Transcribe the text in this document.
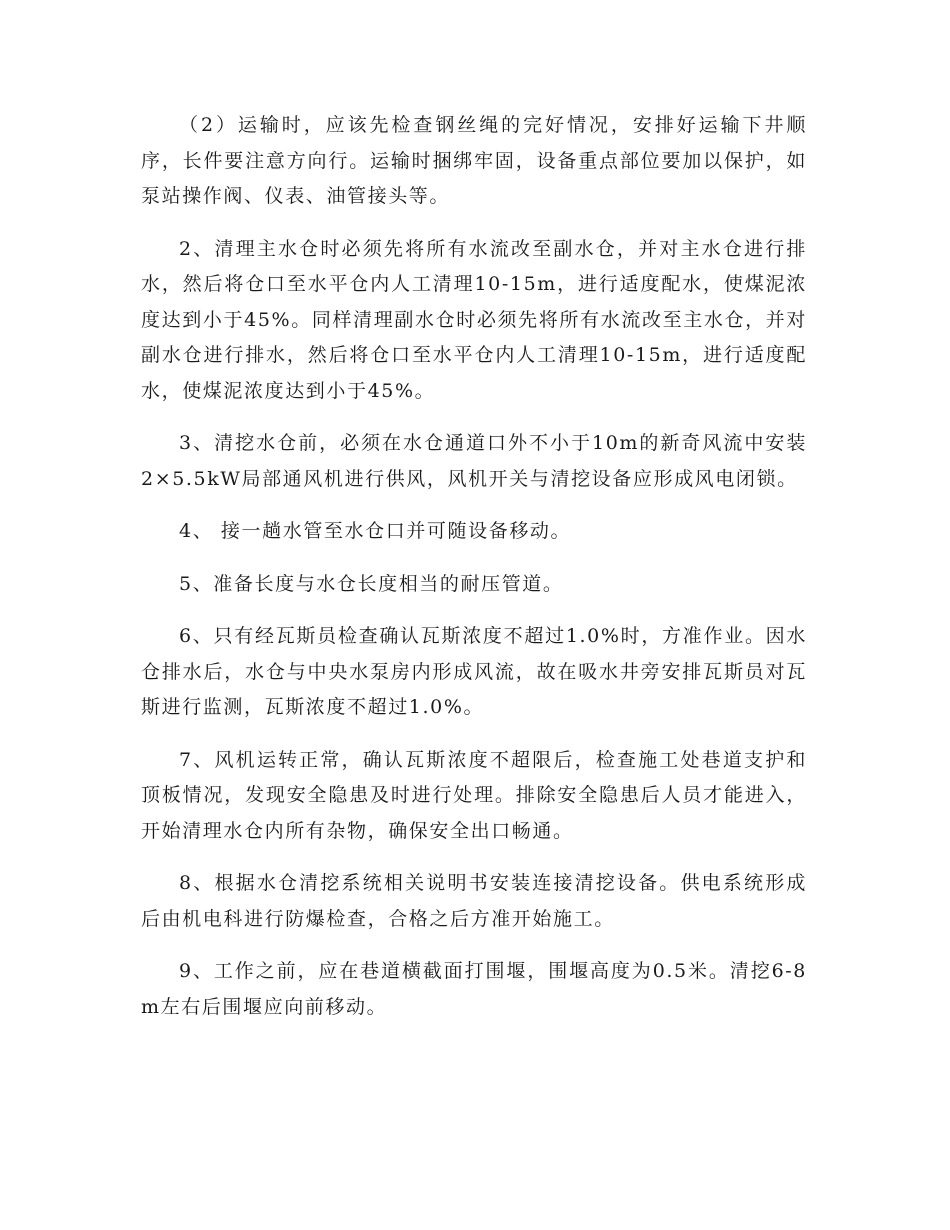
（2）运输时，应该先检查钢丝绳的完好情况，安排好运输下井顺序，长件要注意方向行。运输时捆绑牢固，设备重点部位要加以保护，如泵站操作阀、仪表、油管接头等。

2、清理主水仓时必须先将所有水流改至副水仓，并对主水仓进行排水，然后将仓口至水平仓内人工清理10-15m，进行适度配水，使煤泥浓度达到小于45%。同样清理副水仓时必须先将所有水流改至主水仓，并对副水仓进行排水，然后将仓口至水平仓内人工清理10-15m，进行适度配水，使煤泥浓度达到小于45%。

3、清挖水仓前，必须在水仓通道口外不小于10m的新奇风流中安装2×5.5kW局部通风机进行供风，风机开关与清挖设备应形成风电闭锁。

4、 接一趟水管至水仓口并可随设备移动。

5、准备长度与水仓长度相当的耐压管道。

6、只有经瓦斯员检查确认瓦斯浓度不超过1.0%时，方准作业。因水仓排水后，水仓与中央水泵房内形成风流，故在吸水井旁安排瓦斯员对瓦斯进行监测，瓦斯浓度不超过1.0%。

7、风机运转正常，确认瓦斯浓度不超限后，检查施工处巷道支护和顶板情况，发现安全隐患及时进行处理。排除安全隐患后人员才能进入，开始清理水仓内所有杂物，确保安全出口畅通。

8、根据水仓清挖系统相关说明书安装连接清挖设备。供电系统形成后由机电科进行防爆检查，合格之后方准开始施工。

9、工作之前，应在巷道横截面打围堰，围堰高度为0.5米。清挖6-8m左右后围堰应向前移动。
